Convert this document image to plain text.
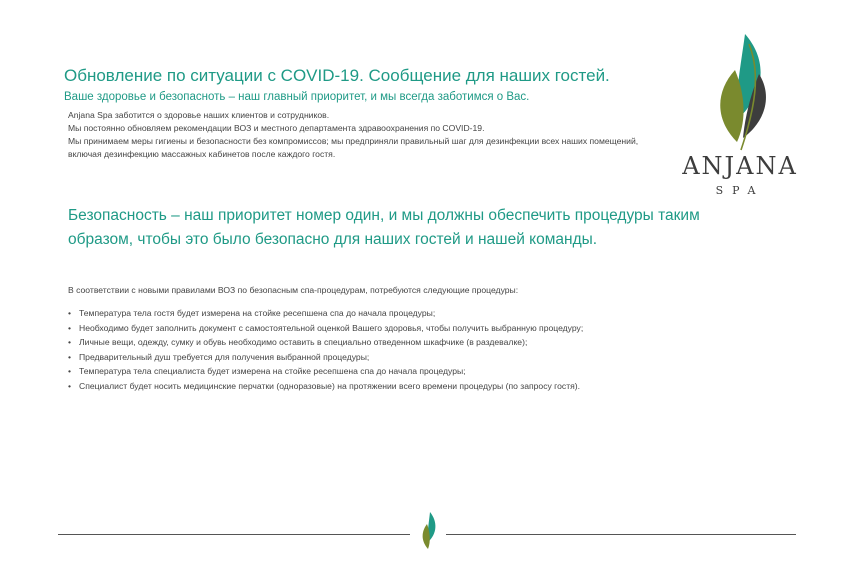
Обновление по ситуации с COVID-19. Сообщение для наших гостей.
Ваше здоровье и безопасноть – наш главный приоритет, и мы всегда заботимся о Вас.

Anjana Spa заботится о здоровье наших клиентов и сотрудников.

Мы постоянно обновляем рекомендации ВОЗ и местного департамента здравоохранения по COVID-19.

Мы принимаем меры гигиены и безопасности без компромиссов; мы предприняли правильный шаг для дезинфекции всех наших помещений, включая дезинфекцию массажных кабинетов после каждого гостя.	ANJANA
SPA
Безопасность – наш приоритет номер один, и мы должны обеспечить процедуры таким образом, чтобы это было безопасно для наших гостей и нашей команды.

В соответствии с новыми правилами ВОЗ по безопасным спа-процедурам, потребуются следующие процедуры:

• Температура тела гостя будет измерена на стойке ресепшена спа до начала процедуры;
• Необходимо будет заполнить документ с самостоятельной оценкой Вашего здоровья, чтобы получить выбранную процедуру;
• Личные вещи, одежду, сумку и обувь необходимо оставить в специально отведенном шкафчике (в раздевалке);
• Предварительный душ требуется для получения выбранной процедуры;
• Температура тела специалиста будет измерена на стойке ресепшена спа до начала процедуры;
• Специалист будет носить медицинские перчатки (одноразовые) на протяжении всего времени процедуры (по запросу гостя).
